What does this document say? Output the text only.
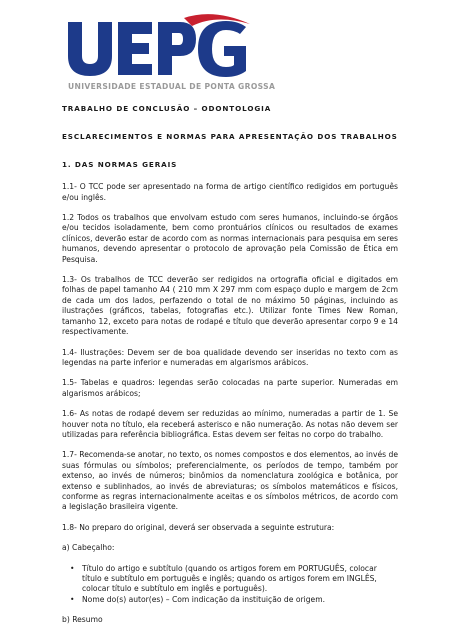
UNIVERSIDADE ESTADUAL DE PONTA GROSSA

TRABALHO DE CONCLUSÃO – ODONTOLOGIA

ESCLARECIMENTOS E NORMAS PARA APRESENTAÇÃO DOS TRABALHOS

1. DAS NORMAS GERAIS

1.1- O TCC pode ser apresentado na forma de artigo científico redigidos em português e/ou inglês.

1.2 Todos os trabalhos que envolvam estudo com seres humanos, incluindo-se órgãos e/ou tecidos isoladamente, bem como prontuários clínicos ou resultados de exames clínicos, deverão estar de acordo com as normas internacionais para pesquisa em seres humanos, devendo apresentar o protocolo de aprovação pela Comissão de Ética em Pesquisa.

1.3- Os trabalhos de TCC deverão ser redigidos na ortografia oficial e digitados em folhas de papel tamanho A4 ( 210 mm X 297 mm com espaço duplo e margem de 2cm de cada um dos lados, perfazendo o total de no máximo 50 páginas, incluindo as ilustrações (gráficos, tabelas, fotografias etc.). Utilizar fonte Times New Roman, tamanho 12, exceto para notas de rodapé e título que deverão apresentar corpo 9 e 14 respectivamente.

1.4- Ilustrações: Devem ser de boa qualidade devendo ser inseridas no texto com as legendas na parte inferior e numeradas em algarismos arábicos.

1.5- Tabelas e quadros: legendas serão colocadas na parte superior. Numeradas em algarismos arábicos;

1.6- As notas de rodapé devem ser reduzidas ao mínimo, numeradas a partir de 1. Se houver nota no título, ela receberá asterisco e não numeração. As notas não devem ser utilizadas para referência bibliográfica. Estas devem ser feitas no corpo do trabalho.

1.7- Recomenda-se anotar, no texto, os nomes compostos e dos elementos, ao invés de suas fórmulas ou símbolos; preferencialmente, os períodos de tempo, também por extenso, ao invés de números; binômios da nomenclatura zoológica e botânica, por extenso e sublinhados, ao invés de abreviaturas; os símbolos matemáticos e físicos, conforme as regras internacionalmente aceitas e os símbolos métricos, de acordo com a legislação brasileira vigente.

1.8- No preparo do original, deverá ser observada a seguinte estrutura:

a) Cabeçalho:

• Título do artigo e subtítulo (quando os artigos forem em PORTUGUÊS, colocar título e subtítulo em português e inglês; quando os artigos forem em INGLÊS, colocar título e subtítulo em inglês e português).
• Nome do(s) autor(es) – Com indicação da instituição de origem.

b) Resumo
